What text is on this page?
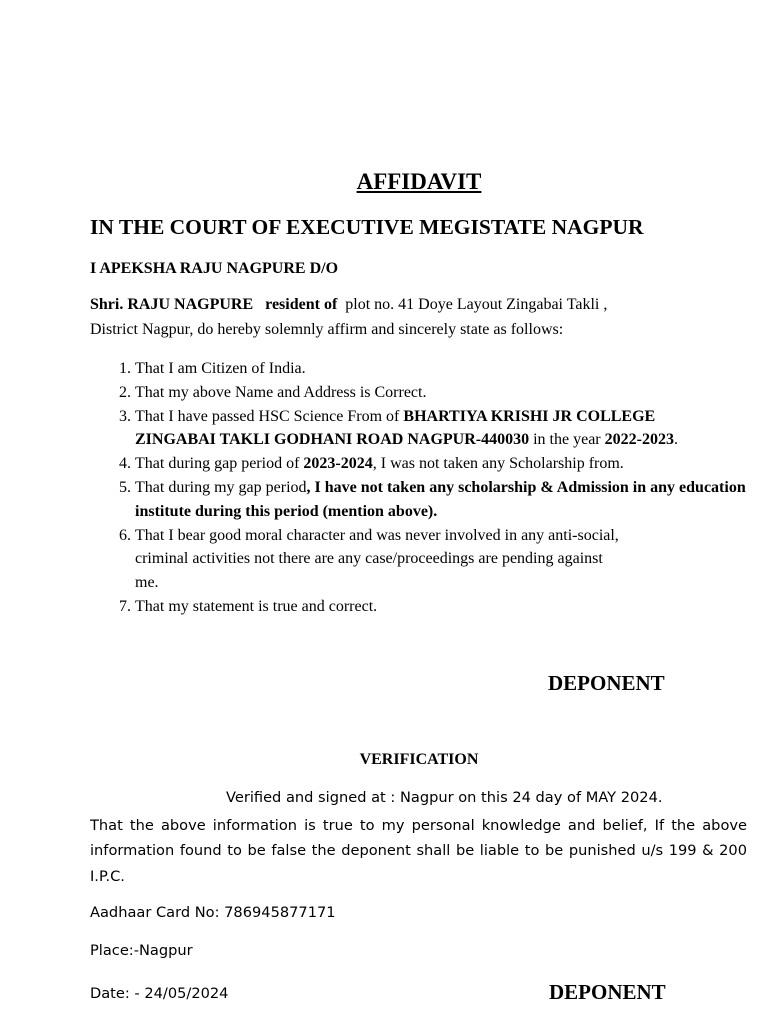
AFFIDAVIT
IN THE COURT OF EXECUTIVE MEGISTATE NAGPUR
I APEKSHA RAJU NAGPURE D/O
Shri. RAJU NAGPURE resident of plot no. 41 Doye Layout Zingabai Takli ,
District Nagpur, do hereby solemnly affirm and sincerely state as follows:
1. That I am Citizen of India.
2. That my above Name and Address is Correct.
3. That I have passed HSC Science From of BHARTIYA KRISHI JR COLLEGE
ZINGABAI TAKLI GODHANI ROAD NAGPUR-440030 in the year 2022-2023.
4. That during gap period of 2023-2024, I was not taken any Scholarship from.
5. That during my gap period, I have not taken any scholarship & Admission in any education institute during this period (mention above).
6. That I bear good moral character and was never involved in any anti-social,
criminal activities not there are any case/proceedings are pending against
me.
7. That my statement is true and correct.
DEPONENT
VERIFICATION
Verified and signed at : Nagpur on this 24 day of MAY 2024.

That the above information is true to my personal knowledge and belief, If the above information found to be false the deponent shall be liable to be punished u/s 199 & 200 I.P.C.

Aadhaar Card No: 786945877171
Place:-Nagpur
Date: - 24/05/2024	DEPONENT
